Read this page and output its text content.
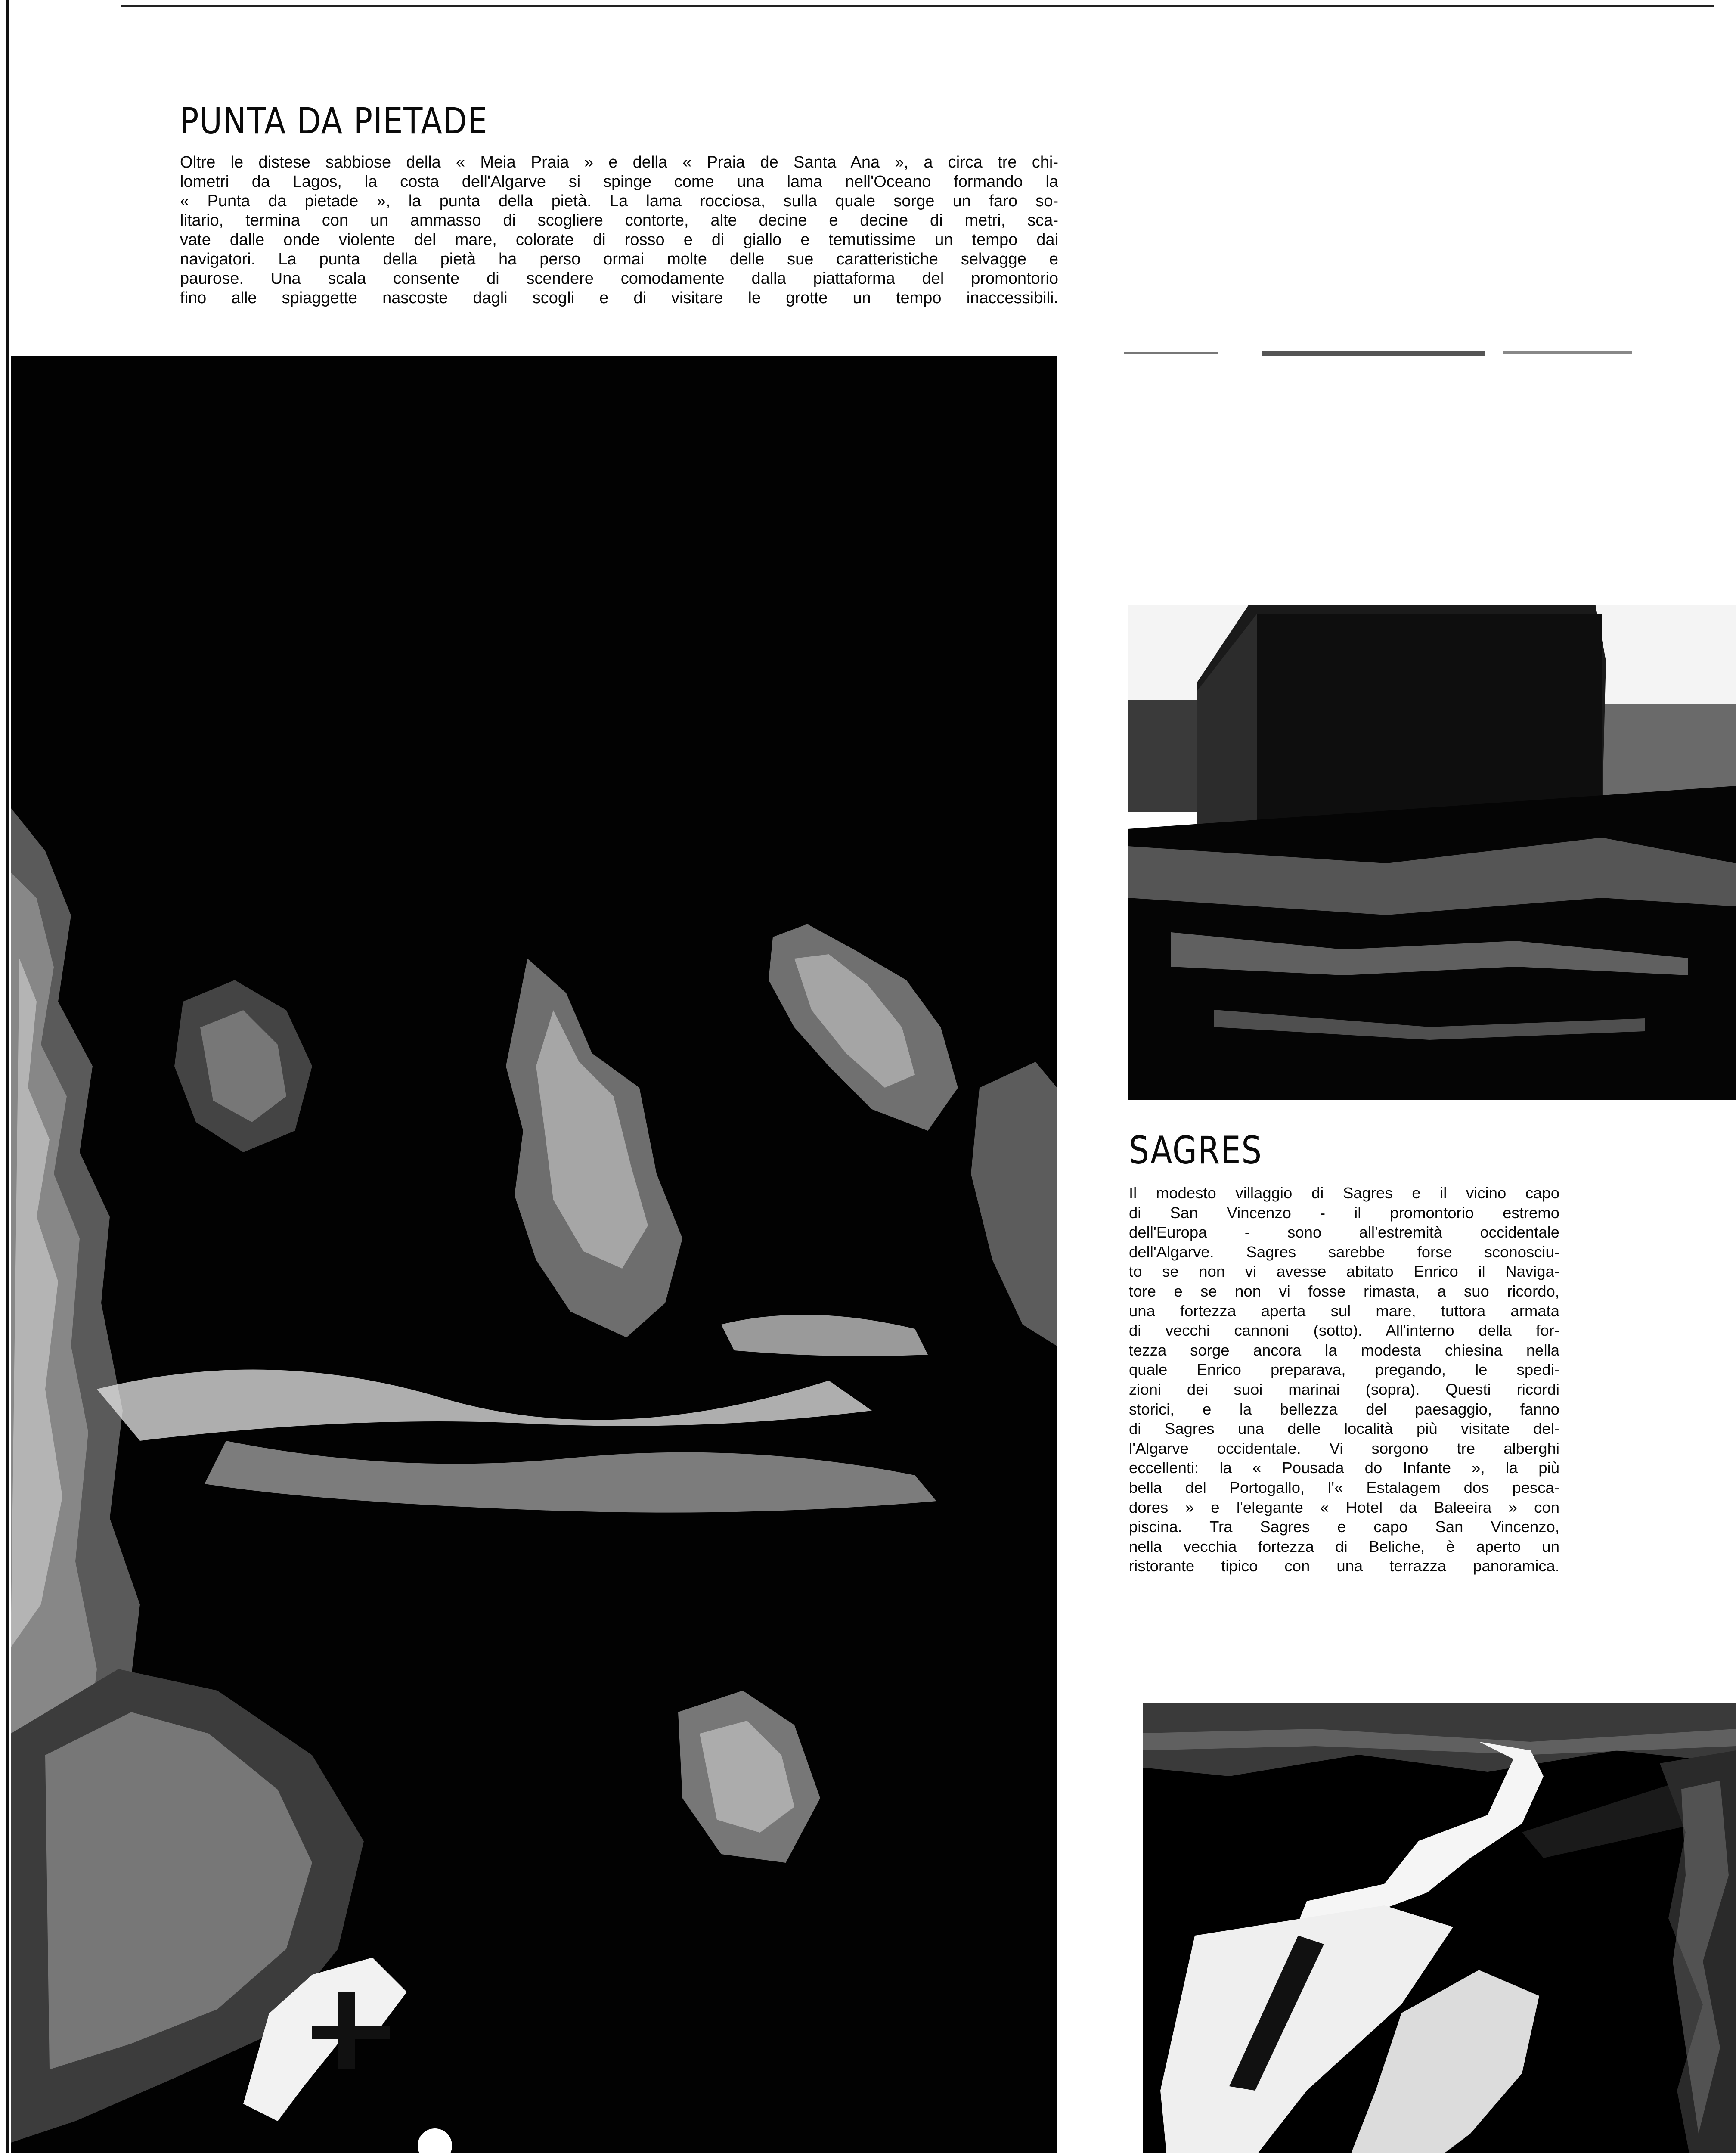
PUNTA DA PIETADE
Oltre le distese sabbiose della « Meia Praia » e della « Praia de Santa Ana », a circa tre chi-
lometri da Lagos, la costa dell'Algarve si spinge come una lama nell'Oceano formando la
« Punta da pietade », la punta della pietà. La lama rocciosa, sulla quale sorge un faro so-
litario, termina con un ammasso di scogliere contorte, alte decine e decine di metri, sca-
vate dalle onde violente del mare, colorate di rosso e di giallo e temutissime un tempo dai
navigatori. La punta della pietà ha perso ormai molte delle sue caratteristiche selvagge e
paurose. Una scala consente di scendere comodamente dalla piattaforma del promontorio
fino alle spiaggette nascoste dagli scogli e di visitare le grotte un tempo inaccessibili.
SAGRES
Il modesto villaggio di Sagres e il vicino capo
di San Vincenzo - il promontorio estremo
dell'Europa - sono all'estremità occidentale
dell'Algarve. Sagres sarebbe forse sconosciu-
to se non vi avesse abitato Enrico il Naviga-
tore e se non vi fosse rimasta, a suo ricordo,
una fortezza aperta sul mare, tuttora armata
di vecchi cannoni (sotto). All'interno della for-
tezza sorge ancora la modesta chiesina nella
quale Enrico preparava, pregando, le spedi-
zioni dei suoi marinai (sopra). Questi ricordi
storici, e la bellezza del paesaggio, fanno
di Sagres una delle località più visitate del-
l'Algarve occidentale. Vi sorgono tre alberghi
eccellenti: la « Pousada do Infante », la più
bella del Portogallo, l'« Estalagem dos pesca-
dores » e l'elegante « Hotel da Baleeira » con
piscina. Tra Sagres e capo San Vincenzo,
nella vecchia fortezza di Beliche, è aperto un
ristorante tipico con una terrazza panoramica.
